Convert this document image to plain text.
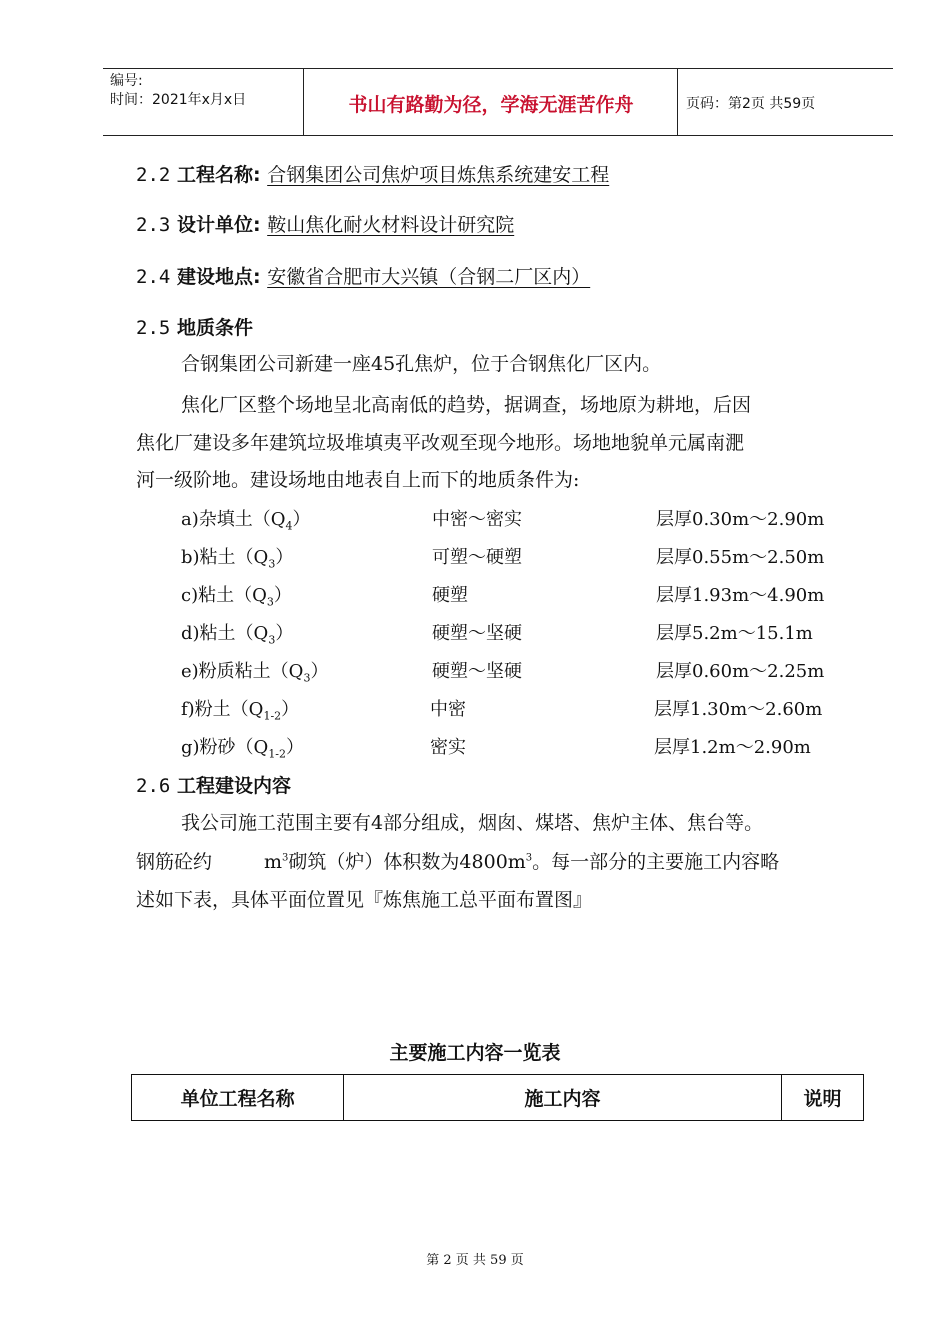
编号:
时间：2021年x月x日	书山有路勤为径，学海无涯苦作舟	页码：第2页 共59页
2.2 工程名称: 合钢集团公司焦炉项目炼焦系统建安工程
2.3 设计单位: 鞍山焦化耐火材料设计研究院
2.4 建设地点: 安徽省合肥市大兴镇（合钢二厂区内）
2.5 地质条件
合钢集团公司新建一座45孔焦炉，位于合钢焦化厂区内。
焦化厂区整个场地呈北高南低的趋势，据调查，场地原为耕地，后因
焦化厂建设多年建筑垃圾堆填夷平改观至现今地形。场地地貌单元属南淝
河一级阶地。建设场地由地表自上而下的地质条件为:
a)杂填土$(Q_4)$	中密～密实	层厚0.30m～2.90m
b)粘土$(Q_3)$	可塑～硬塑	层厚0.55m～2.50m
c)粘土$(Q_3)$	硬塑	层厚1.93m～4.90m
d)粘土$(Q_3)$	硬塑～坚硬	层厚5.2m～15.1m
e)粉质粘土$(Q_3)$	硬塑～坚硬	层厚0.60m～2.25m
f)粉土$(Q_{1-2})$	中密	层厚1.30m～2.60m
g)粉砂$(Q_{1-2})$	密实	层厚1.2m～2.90m
2.6 工程建设内容
我公司施工范围主要有4部分组成，烟囱、煤塔、焦炉主体、焦台等。
钢筋砼约	$m^3$砌筑（炉）体积数为$4800m^3$。每一部分的主要施工内容略
述如下表，具体平面位置见『炼焦施工总平面布置图』
主要施工内容一览表
单位工程名称	施工内容	说明
第 2 页 共 59 页
